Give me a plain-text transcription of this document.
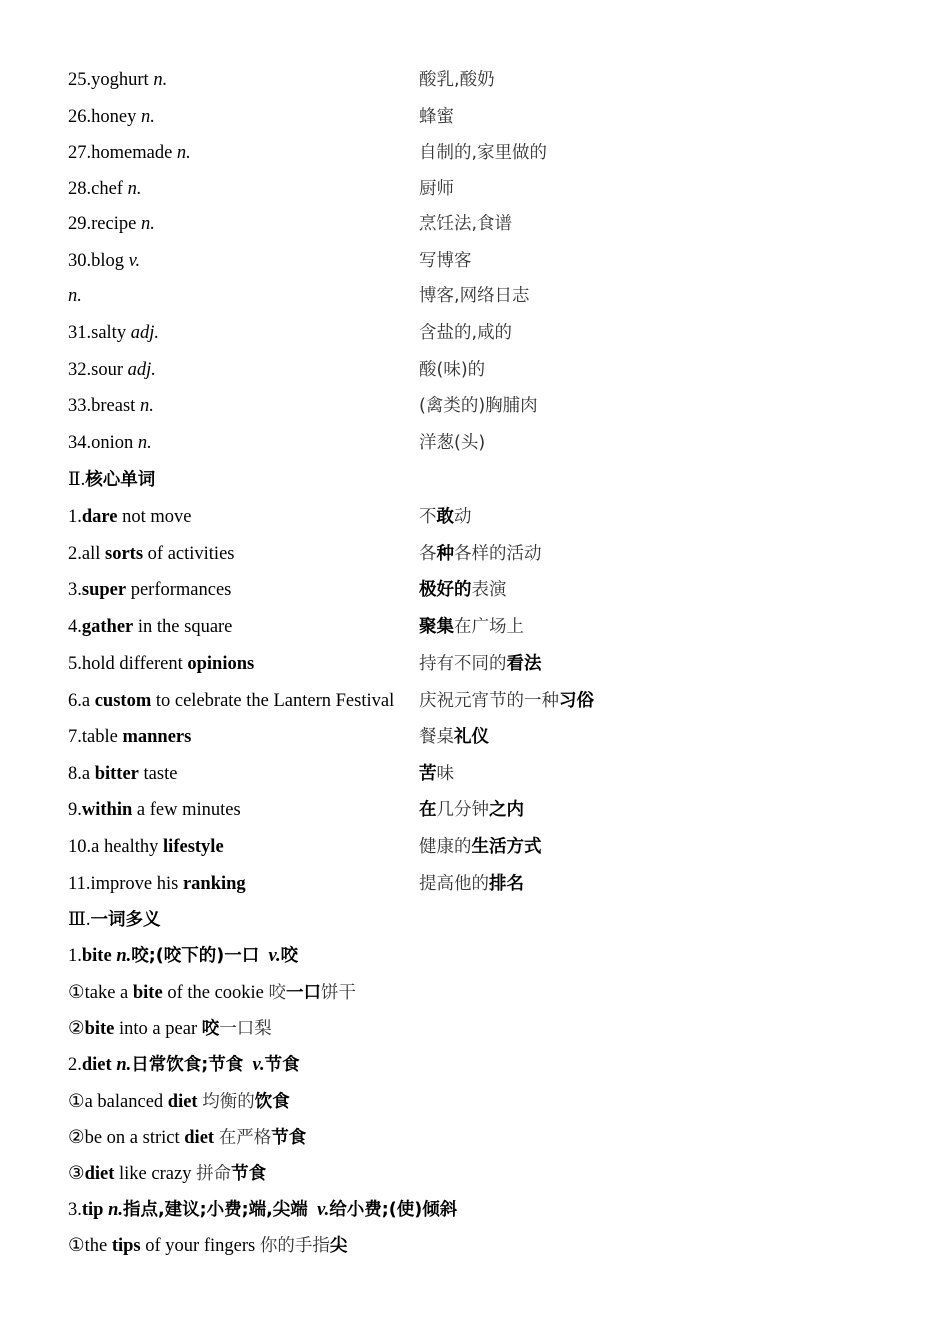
25.yoghurt n.	酸乳,酸奶
26.honey n.	蜂蜜
27.homemade n.	自制的,家里做的
28.chef n.	厨师
29.recipe n.	烹饪法,食谱
30.blog v.	写博客
n.	博客,网络日志
31.salty adj.	含盐的,咸的
32.sour adj.	酸(味)的
33.breast n.	(禽类的)胸脯肉
34.onion n.	洋葱(头)
Ⅱ.核心单词
1.dare not move	不敢动
2.all sorts of activities	各种各样的活动
3.super performances	极好的表演
4.gather in the square	聚集在广场上
5.hold different opinions	持有不同的看法
6.a custom to celebrate the Lantern Festival 庆祝元宵节的一种习俗
7.table manners	餐桌礼仪
8.a bitter taste	苦味
9.within a few minutes	在几分钟之内
10.a healthy lifestyle	健康的生活方式
11.improve his ranking	提高他的排名
Ⅲ.一词多义
1.bite n.咬;(咬下的)一口  v.咬
①take a bite of the cookie 咬一口饼干
②bite into a pear 咬一口梨
2.diet n.日常饮食;节食  v.节食
①a balanced diet 均衡的饮食
②be on a strict diet 在严格节食
③diet like crazy 拼命节食
3.tip n.指点,建议;小费;端,尖端  v.给小费;(使)倾斜
①the tips of your fingers 你的手指尖
